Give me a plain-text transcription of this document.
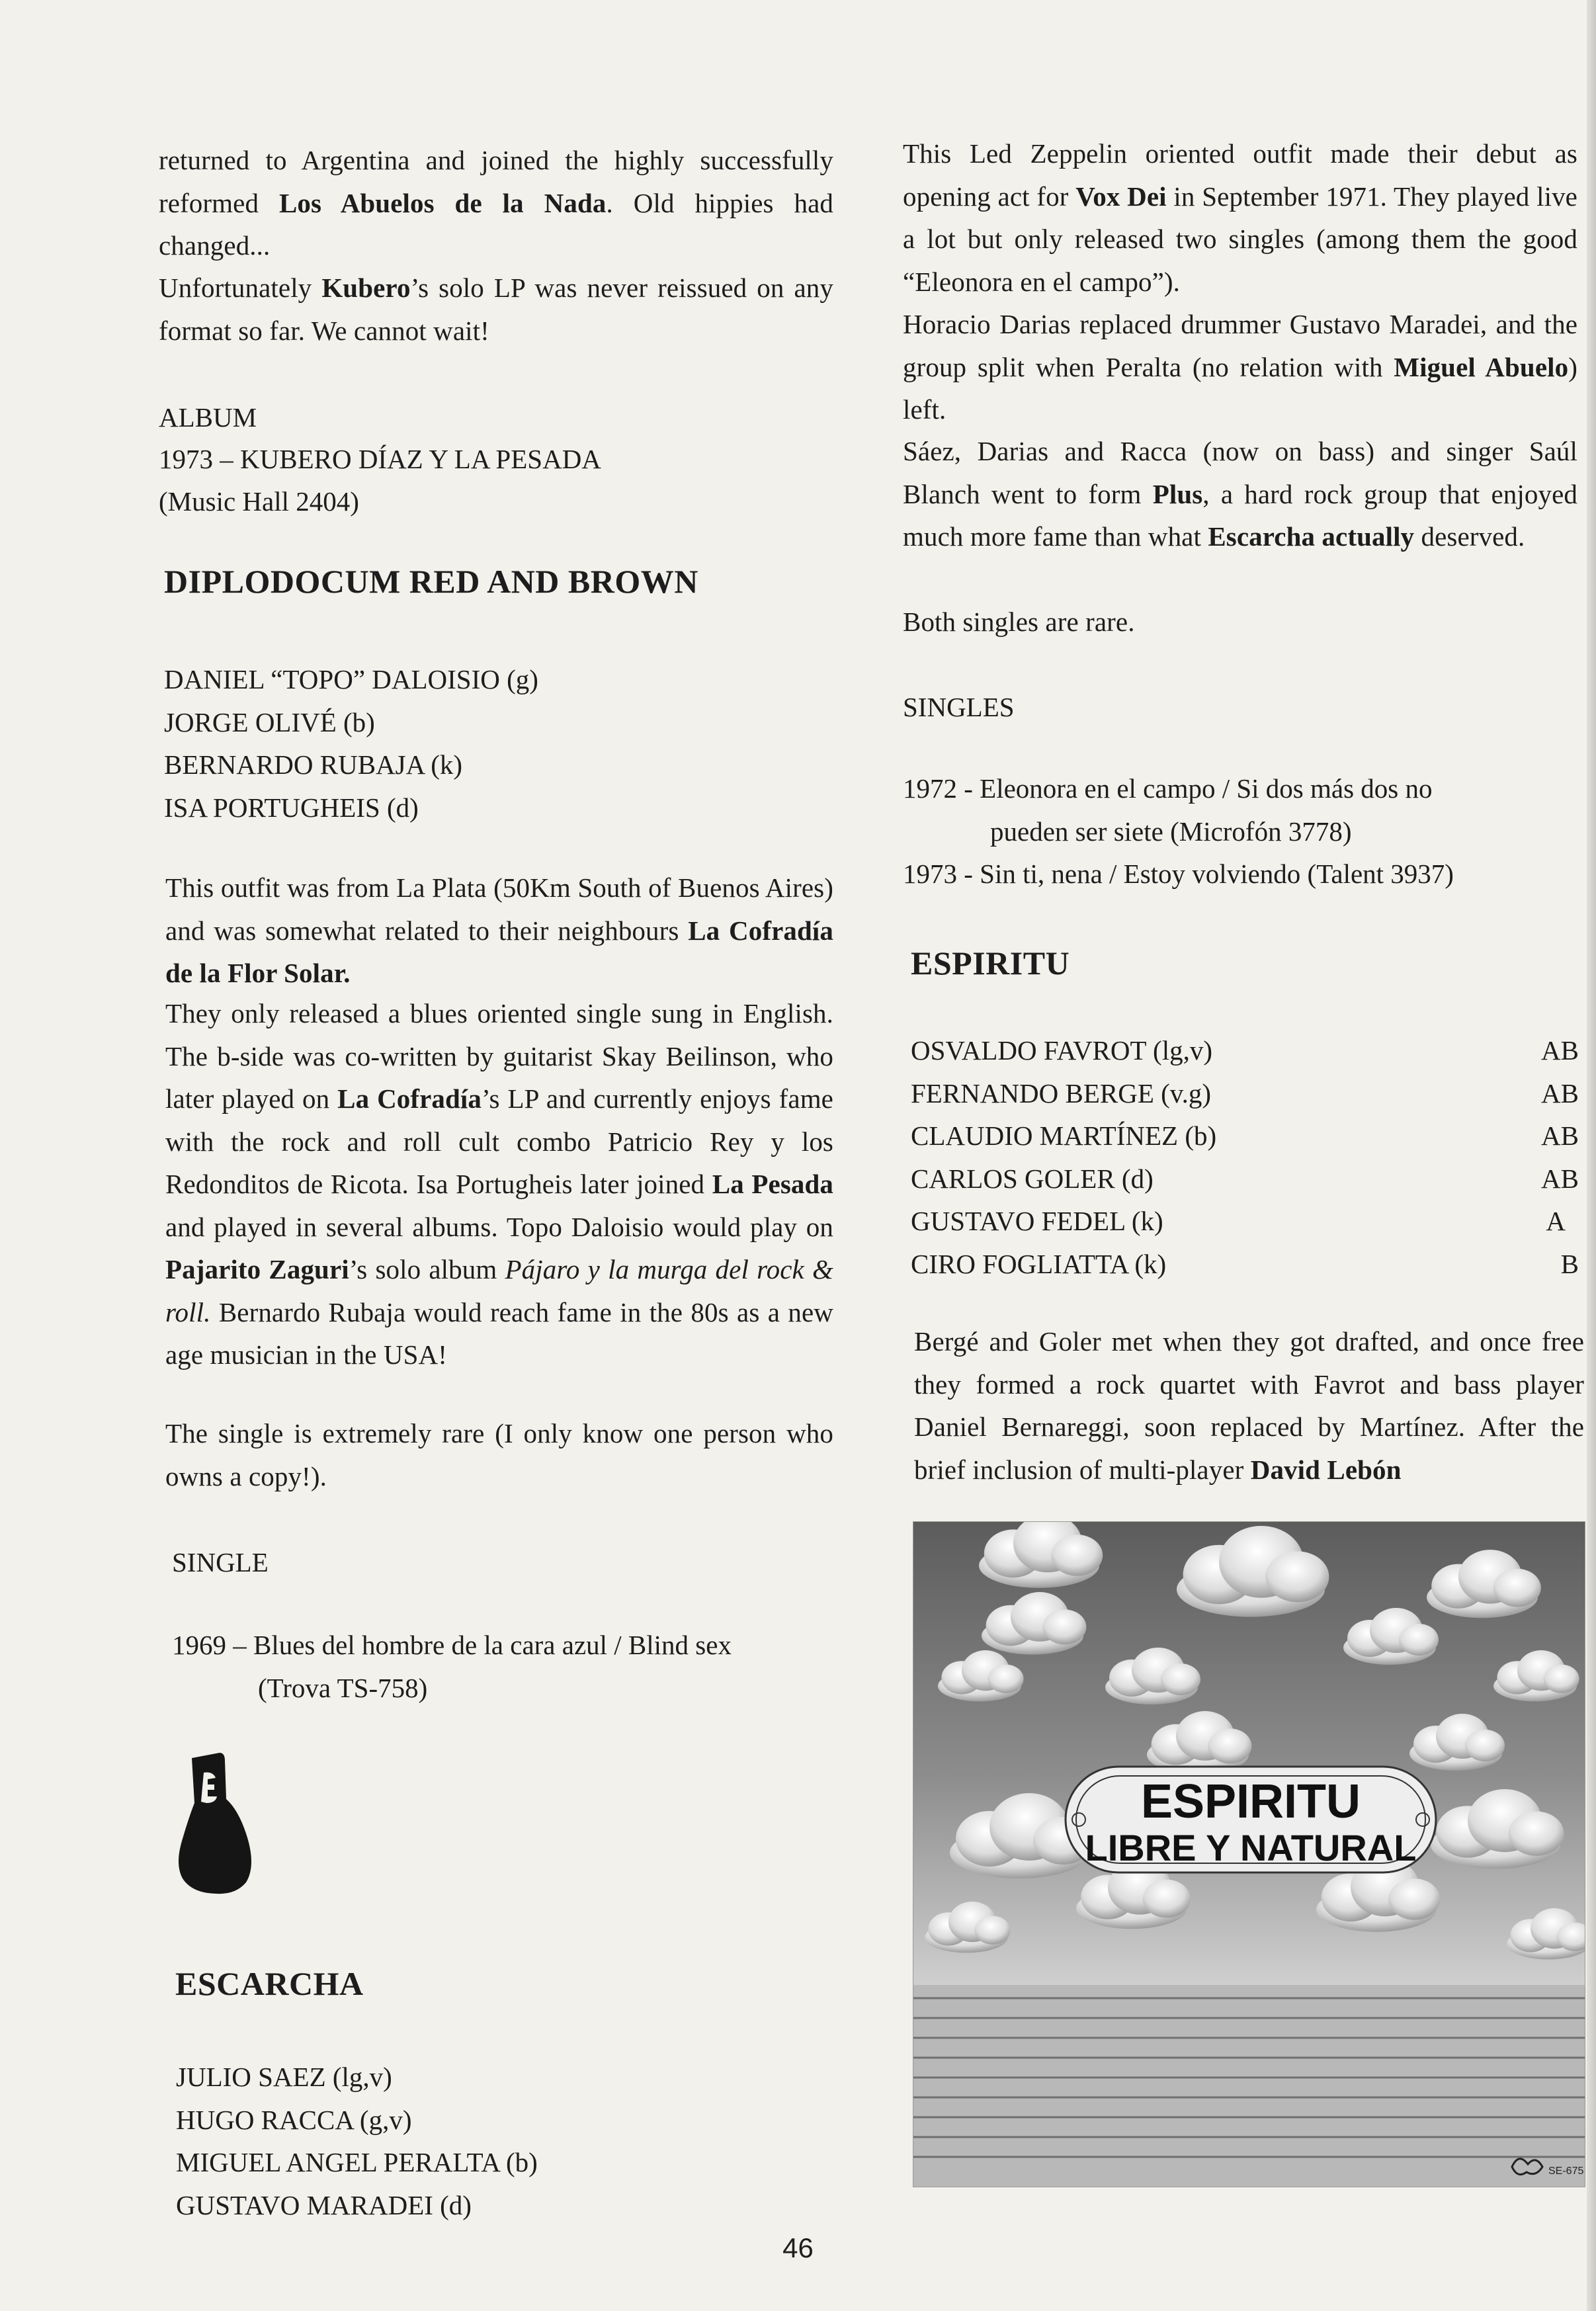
returned to Argentina and joined the highly successfully reformed Los Abuelos de la Nada. Old hippies had changed...
Unfortunately Kubero’s solo LP was never reissued on any format so far. We cannot wait!
ALBUM
1973 – KUBERO DÍAZ Y LA PESADA
(Music Hall 2404)
DIPLODOCUM RED AND BROWN
DANIEL “TOPO” DALOISIO (g)
JORGE OLIVÉ (b)
BERNARDO RUBAJA (k)
ISA PORTUGHEIS (d)
This outfit was from La Plata (50Km South of Buenos Aires) and was somewhat related to their neighbours La Cofradía de la Flor Solar.
They only released a blues oriented single sung in English. The b-side was co-written by guitarist Skay Beilinson, who later played on La Cofradía’s LP and currently enjoys fame with the rock and roll cult combo Patricio Rey y los Redonditos de Ricota. Isa Portugheis later joined La Pesada and played in several albums. Topo Daloisio would play on Pajarito Zaguri’s solo album Pájaro y la murga del rock & roll. Bernardo Rubaja would reach fame in the 80s as a new age musician in the USA!
The single is extremely rare (I only know one person who owns a copy!).
SINGLE
1969 – Blues del hombre de la cara azul / Blind sex
(Trova TS-758)
ESCARCHA
JULIO SAEZ (lg,v)
HUGO RACCA (g,v)
MIGUEL ANGEL PERALTA (b)
GUSTAVO MARADEI (d)
This Led Zeppelin oriented outfit made their debut as opening act for Vox Dei in September 1971. They played live a lot but only released two singles (among them the good “Eleonora en el campo”).
Horacio Darias replaced drummer Gustavo Maradei, and the group split when Peralta (no relation with Miguel Abuelo) left.
Sáez, Darias and Racca (now on bass) and singer Saúl Blanch went to form Plus, a hard rock group that enjoyed much more fame than what Escarcha actually deserved.
Both singles are rare.
SINGLES
1972 - Eleonora en el campo / Si dos más dos no
pueden ser siete (Microfón 3778)
1973 - Sin ti, nena / Estoy volviendo (Talent 3937)
ESPIRITU
OSVALDO FAVROT (lg,v)	AB
FERNANDO BERGE (v.g)	AB
CLAUDIO MARTÍNEZ (b)	AB
CARLOS GOLER (d)	AB
GUSTAVO FEDEL (k)	A
CIRO FOGLIATTA (k)	B
Bergé and Goler met when they got drafted, and once free they formed a rock quartet with Favrot and bass player Daniel Bernareggi, soon replaced by Martínez. After the brief inclusion of multi-player David Lebón
ESPIRITU
LIBRE Y NATURAL
SE-675
46
